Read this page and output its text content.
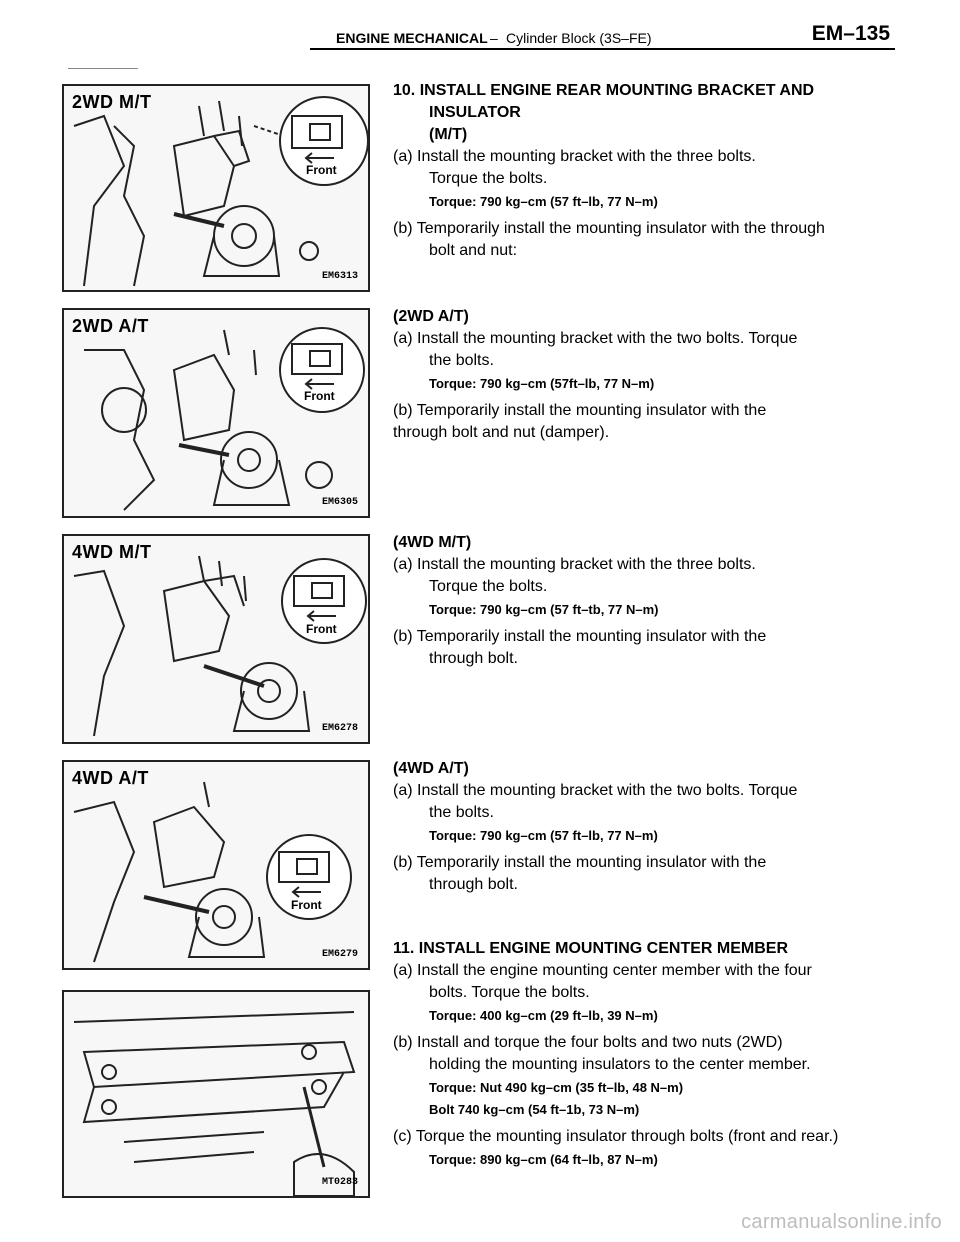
ENGINE MECHANICAL – Cylinder Block (3S–FE)	EM–135
Front
2WD M/T
EM6313
Front
2WD A/T
EM6305
Front
4WD M/T
EM6278
Front
4WD A/T
EM6279
MT0283

10. INSTALL ENGINE REAR MOUNTING BRACKET AND

INSULATOR

(M/T)

(a) Install the mounting bracket with the three bolts.

Torque the bolts.

Torque: 790 kg–cm (57 ft–lb, 77 N–m)

(b) Temporarily install the mounting insulator with the through

bolt and nut:

(2WD A/T)

(a) Install the mounting bracket with the two bolts. Torque

the bolts.

Torque: 790 kg–cm (57ft–lb, 77 N–m)

(b) Temporarily install the mounting insulator with the

through bolt and nut (damper).

(4WD M/T)

(a) Install the mounting bracket with the three bolts.

Torque the bolts.

Torque: 790 kg–cm (57 ft–tb, 77 N–m)

(b) Temporarily install the mounting insulator with the

through bolt.

(4WD A/T)

(a) Install the mounting bracket with the two bolts. Torque

the bolts.

Torque: 790 kg–cm (57 ft–lb, 77 N–m)

(b) Temporarily install the mounting insulator with the

through bolt.

11. INSTALL ENGINE MOUNTING CENTER MEMBER

(a) Install the engine mounting center member with the four

bolts. Torque the bolts.

Torque: 400 kg–cm (29 ft–lb, 39 N–m)

(b) Install and torque the four bolts and two nuts (2WD)

holding the mounting insulators to the center member.

Torque: Nut 490 kg–cm (35 ft–lb, 48 N–m)

Bolt 740 kg–cm (54 ft–1b, 73 N–m)

(c) Torque the mounting insulator through bolts (front and rear.)

Torque: 890 kg–cm (64 ft–lb, 87 N–m)

carmanualsonline.info
